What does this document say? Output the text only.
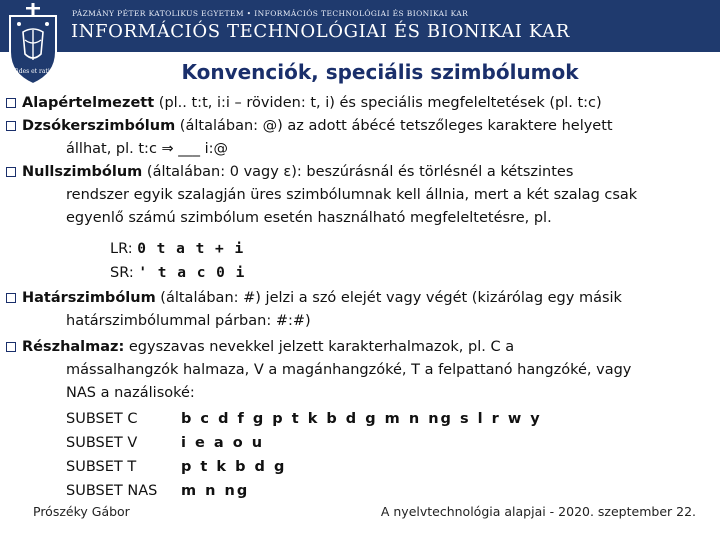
Fides et ratio
PÁZMÁNY PÉTER KATOLIKUS EGYETEM • INFORMÁCIÓS TECHNOLÓGIAI ÉS BIONIKAI KAR
INFORMÁCIÓS TECHNOLÓGIAI ÉS BIONIKAI KAR
Konvenciók, speciális szimbólumok
Alapértelmezett (pl.. t:t, i:i – röviden: t, i) és speciális megfeleltetések (pl. t:c)
Dzsókerszimbólum (általában: @) az adott ábécé tetszőleges karaktere helyett
állhat, pl. t:c ⇒ ___ i:@
Nullszimbólum (általában: 0 vagy ε): beszúrásnál és törlésnél a kétszintes
rendszer egyik szalagján üres szimbólumnak kell állnia, mert a két szalag csak
egyenlő számú szimbólum esetén használható megfeleltetésre, pl.
LR: 0 t a t + i
SR: ' t a c 0 i
Határszimbólum (általában: #) jelzi a szó elejét vagy végét (kizárólag egy másik
határszimbólummal párban: #:#)
Részhalmaz: egyszavas nevekkel jelzett karakterhalmazok, pl. C a
mássalhangzók halmaza, V a magánhangzóké, T a felpattanó hangzóké, vagy
NAS a nazálisoké:
SUBSET C	b c d f g p t k b d g m n ng s l r w y
SUBSET V	i e a o u
SUBSET T	p t k b d g
SUBSET NAS m n ng
Prószéky Gábor	A nyelvtechnológia alapjai - 2020. szeptember 22.
